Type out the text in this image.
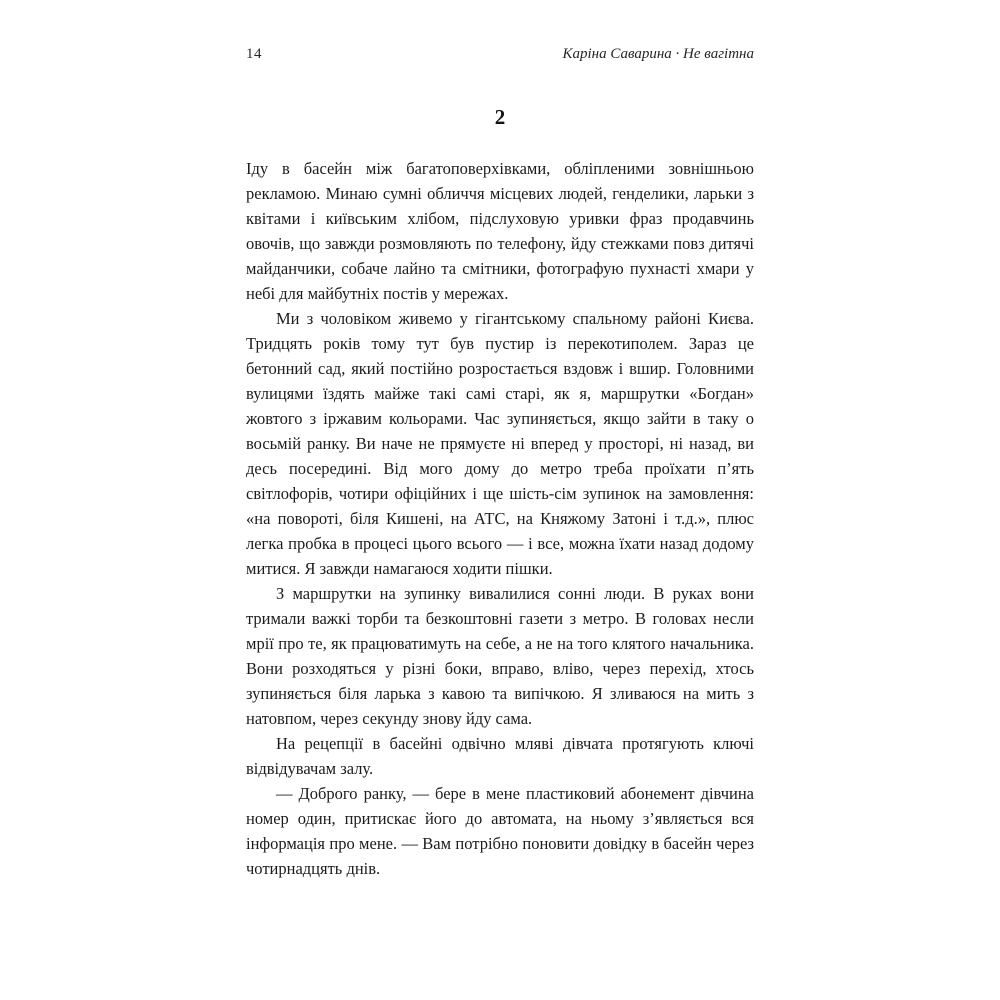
14	Каріна Саварина · Не вагітна
2

Іду в басейн між багатоповерхівками, обліпленими зовнішньою рекламою. Минаю сумні обличчя місцевих людей, генделики, ларьки з квітами і київським хлібом, підслуховую уривки фраз продавчинь овочів, що завжди розмовляють по телефону, йду стежками повз дитячі майданчики, собаче лайно та смітники, фотографую пухнасті хмари у небі для майбутніх постів у мережах.

Ми з чоловіком живемо у гігантському спальному районі Києва. Тридцять років тому тут був пустир із перекотиполем. Зараз це бетонний сад, який постійно розростається вздовж і вшир. Головними вулицями їздять майже такі самі старі, як я, маршрутки «Богдан» жовтого з іржавим кольорами. Час зупиняється, якщо зайти в таку о восьмій ранку. Ви наче не прямуєте ні вперед у просторі, ні назад, ви десь посередині. Від мого дому до метро треба проїхати п’ять світлофорів, чотири офіційних і ще шість-сім зупинок на замовлення: «на повороті, біля Кишені, на АТС, на Княжому Затоні і т.д.», плюс легка пробка в процесі цього всього — і все, можна їхати назад додому митися. Я завжди намагаюся ходити пішки.

З маршрутки на зупинку вивалилися сонні люди. В руках вони тримали важкі торби та безкоштовні газети з метро. В головах несли мрії про те, як працюватимуть на себе, а не на того клятого начальника. Вони розходяться у різні боки, вправо, вліво, через перехід, хтось зупиняється біля ларька з кавою та випічкою. Я зливаюся на мить з натовпом, через секунду знову йду сама.

На рецепції в басейні одвічно мляві дівчата протягують ключі відвідувачам залу.

— Доброго ранку, — бере в мене пластиковий абонемент дівчина номер один, притискає його до автомата, на ньому з’являється вся інформація про мене. — Вам потрібно поновити довідку в басейн через чотирнадцять днів.
